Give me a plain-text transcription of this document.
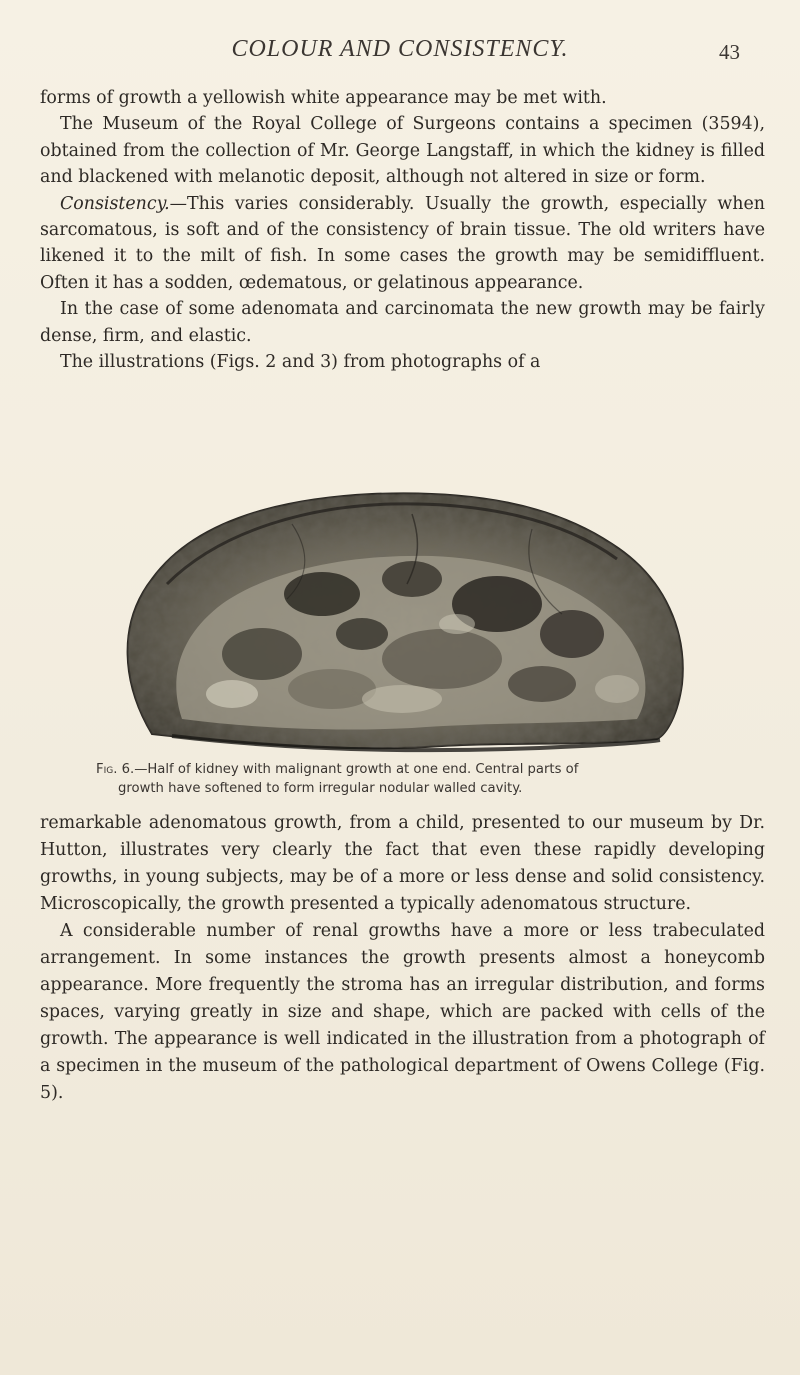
COLOUR AND CONSISTENCY.	43

forms of growth a yellowish white appearance may be met with.

The Museum of the Royal College of Surgeons contains a specimen (3594), obtained from the collection of Mr. George Langstaff, in which the kidney is filled and blackened with melanotic deposit, although not altered in size or form.

Consistency.—This varies considerably. Usually the growth, especially when sarcomatous, is soft and of the consistency of brain tissue. The old writers have likened it to the milt of fish. In some cases the growth may be semidiffluent. Often it has a sodden, œdematous, or gelatinous appearance.

In the case of some adenomata and carcinomata the new growth may be fairly dense, firm, and elastic.

The illustrations (Figs. 2 and 3) from photographs of a

Fig. 6.—Half of kidney with malignant growth at one end. Central parts of
growth have softened to form irregular nodular walled cavity.

remarkable adenomatous growth, from a child, presented to our museum by Dr. Hutton, illustrates very clearly the fact that even these rapidly developing growths, in young subjects, may be of a more or less dense and solid consistency. Microscopically, the growth presented a typically adenomatous structure.

A considerable number of renal growths have a more or less trabeculated arrangement. In some instances the growth presents almost a honeycomb appearance. More frequently the stroma has an irregular distribution, and forms spaces, varying greatly in size and shape, which are packed with cells of the growth. The appearance is well indicated in the illustration from a photograph of a specimen in the museum of the pathological department of Owens College (Fig. 5).
